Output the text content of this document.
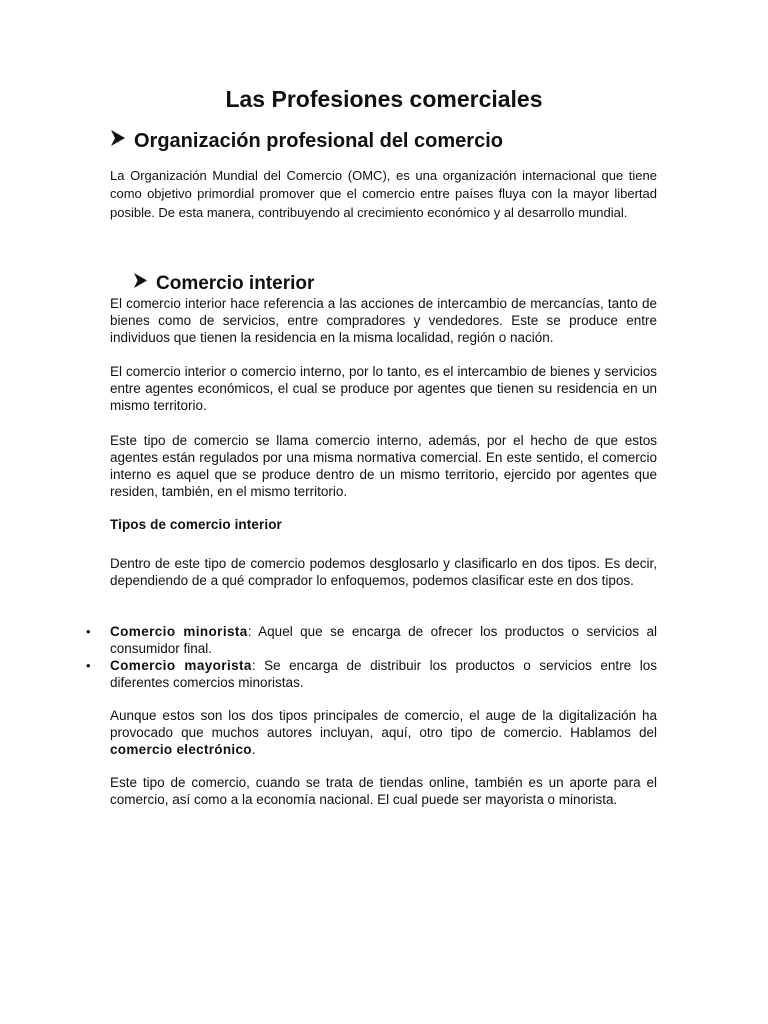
Las Profesiones comerciales
Organización profesional del comercio

La Organización Mundial del Comercio (OMC), es una organización internacional que tiene como objetivo primordial promover que el comercio entre países fluya con la mayor libertad posible. De esta manera, contribuyendo al crecimiento económico y al desarrollo mundial.

Comercio interior

El comercio interior hace referencia a las acciones de intercambio de mercancías, tanto de bienes como de servicios, entre compradores y vendedores. Este se produce entre individuos que tienen la residencia en la misma localidad, región o nación.

El comercio interior o comercio interno, por lo tanto, es el intercambio de bienes y servicios entre agentes económicos, el cual se produce por agentes que tienen su residencia en un mismo territorio.

Este tipo de comercio se llama comercio interno, además, por el hecho de que estos agentes están regulados por una misma normativa comercial. En este sentido, el comercio interno es aquel que se produce dentro de un mismo territorio, ejercido por agentes que residen, también, en el mismo territorio.

Tipos de comercio interior

Dentro de este tipo de comercio podemos desglosarlo y clasificarlo en dos tipos. Es decir, dependiendo de a qué comprador lo enfoquemos, podemos clasificar este en dos tipos.

• Comercio minorista: Aquel que se encarga de ofrecer los productos o servicios al consumidor final.
• Comercio mayorista: Se encarga de distribuir los productos o servicios entre los diferentes comercios minoristas.

Aunque estos son los dos tipos principales de comercio, el auge de la digitalización ha provocado que muchos autores incluyan, aquí, otro tipo de comercio. Hablamos del comercio electrónico.

Este tipo de comercio, cuando se trata de tiendas online, también es un aporte para el comercio, así como a la economía nacional. El cual puede ser mayorista o minorista.
